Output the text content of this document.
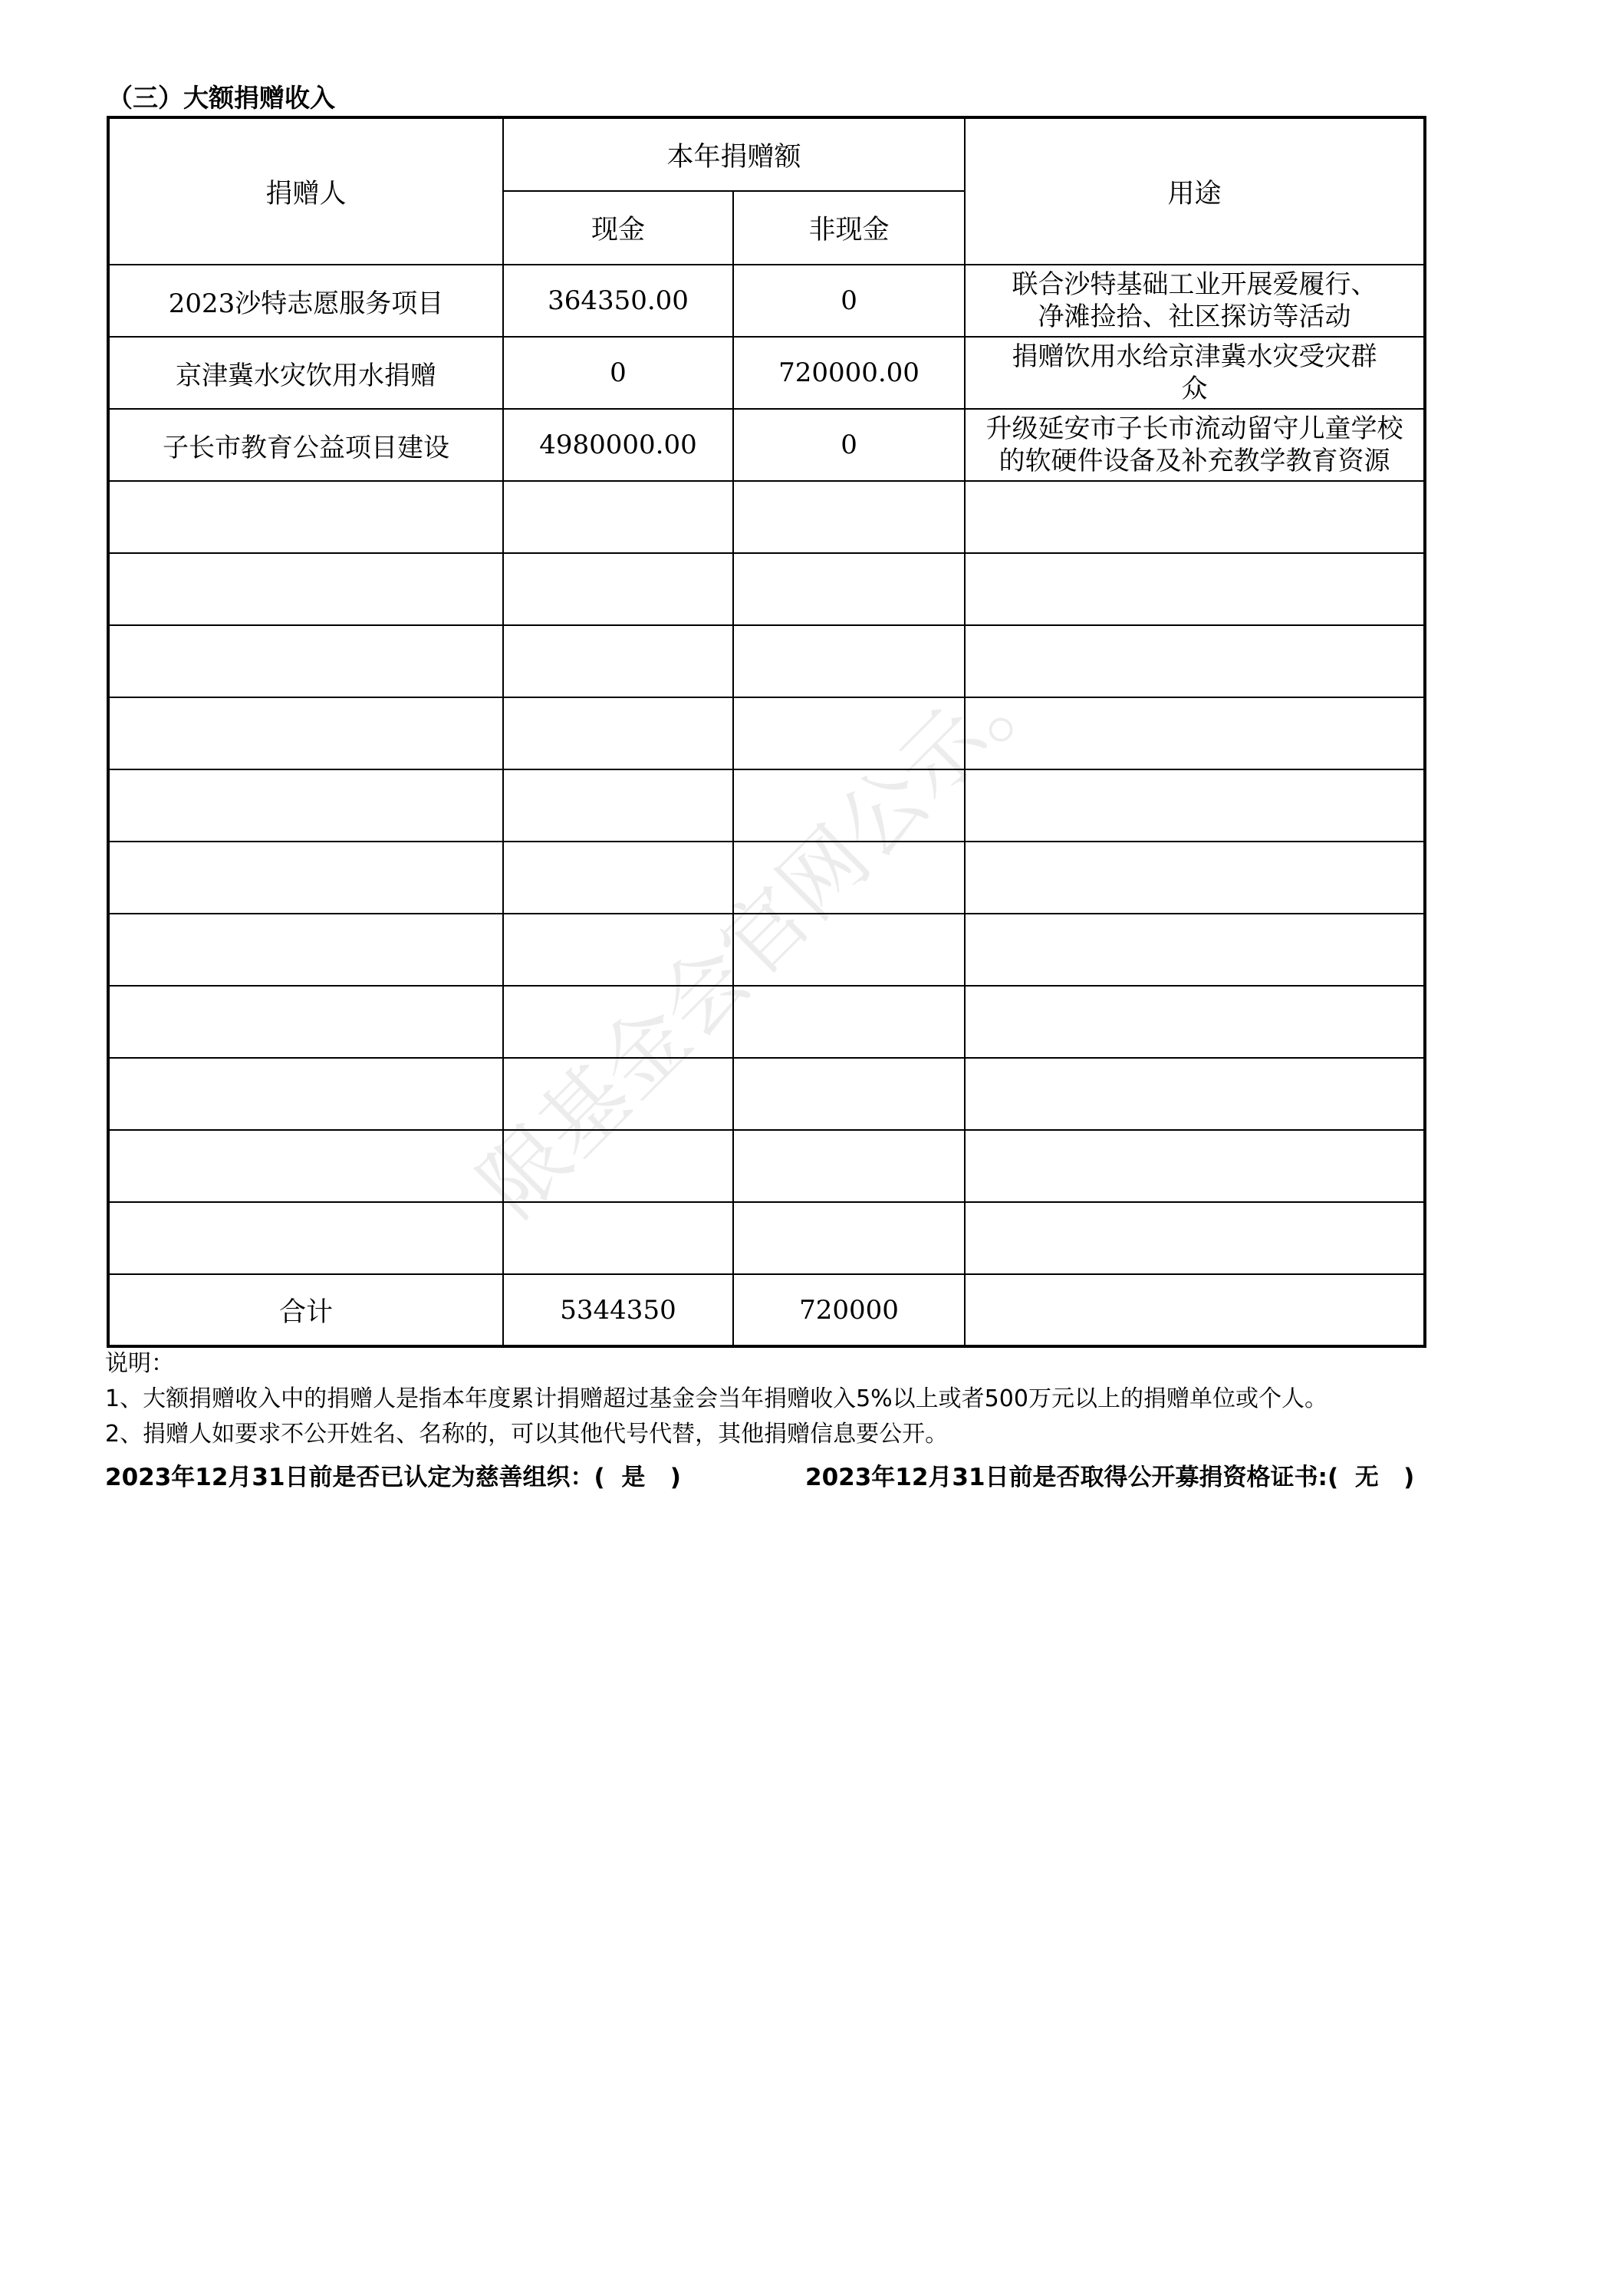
（三）大额捐赠收入
捐赠人	本年捐赠额		用途
	现金	非现金	
2023沙特志愿服务项目	364350.00	0	联合沙特基础工业开展爱履行、
净滩捡拾、社区探访等活动

京津冀水灾饮用水捐赠	0	720000.00	捐赠饮用水给京津冀水灾受灾群
众

子长市教育公益项目建设	4980000.00	0	升级延安市子长市流动留守儿童学校
的软硬件设备及补充教学教育资源

合计	5344350	720000	
限基金会官网公示。
说明：
1、大额捐赠收入中的捐赠人是指本年度累计捐赠超过基金会当年捐赠收入5%以上或者500万元以上的捐赠单位或个人。
2、捐赠人如要求不公开姓名、名称的，可以其他代号代替，其他捐赠信息要公开。
2023年12月31日前是否已认定为慈善组织：( 是 )	2023年12月31日前是否取得公开募捐资格证书:( 无 )
